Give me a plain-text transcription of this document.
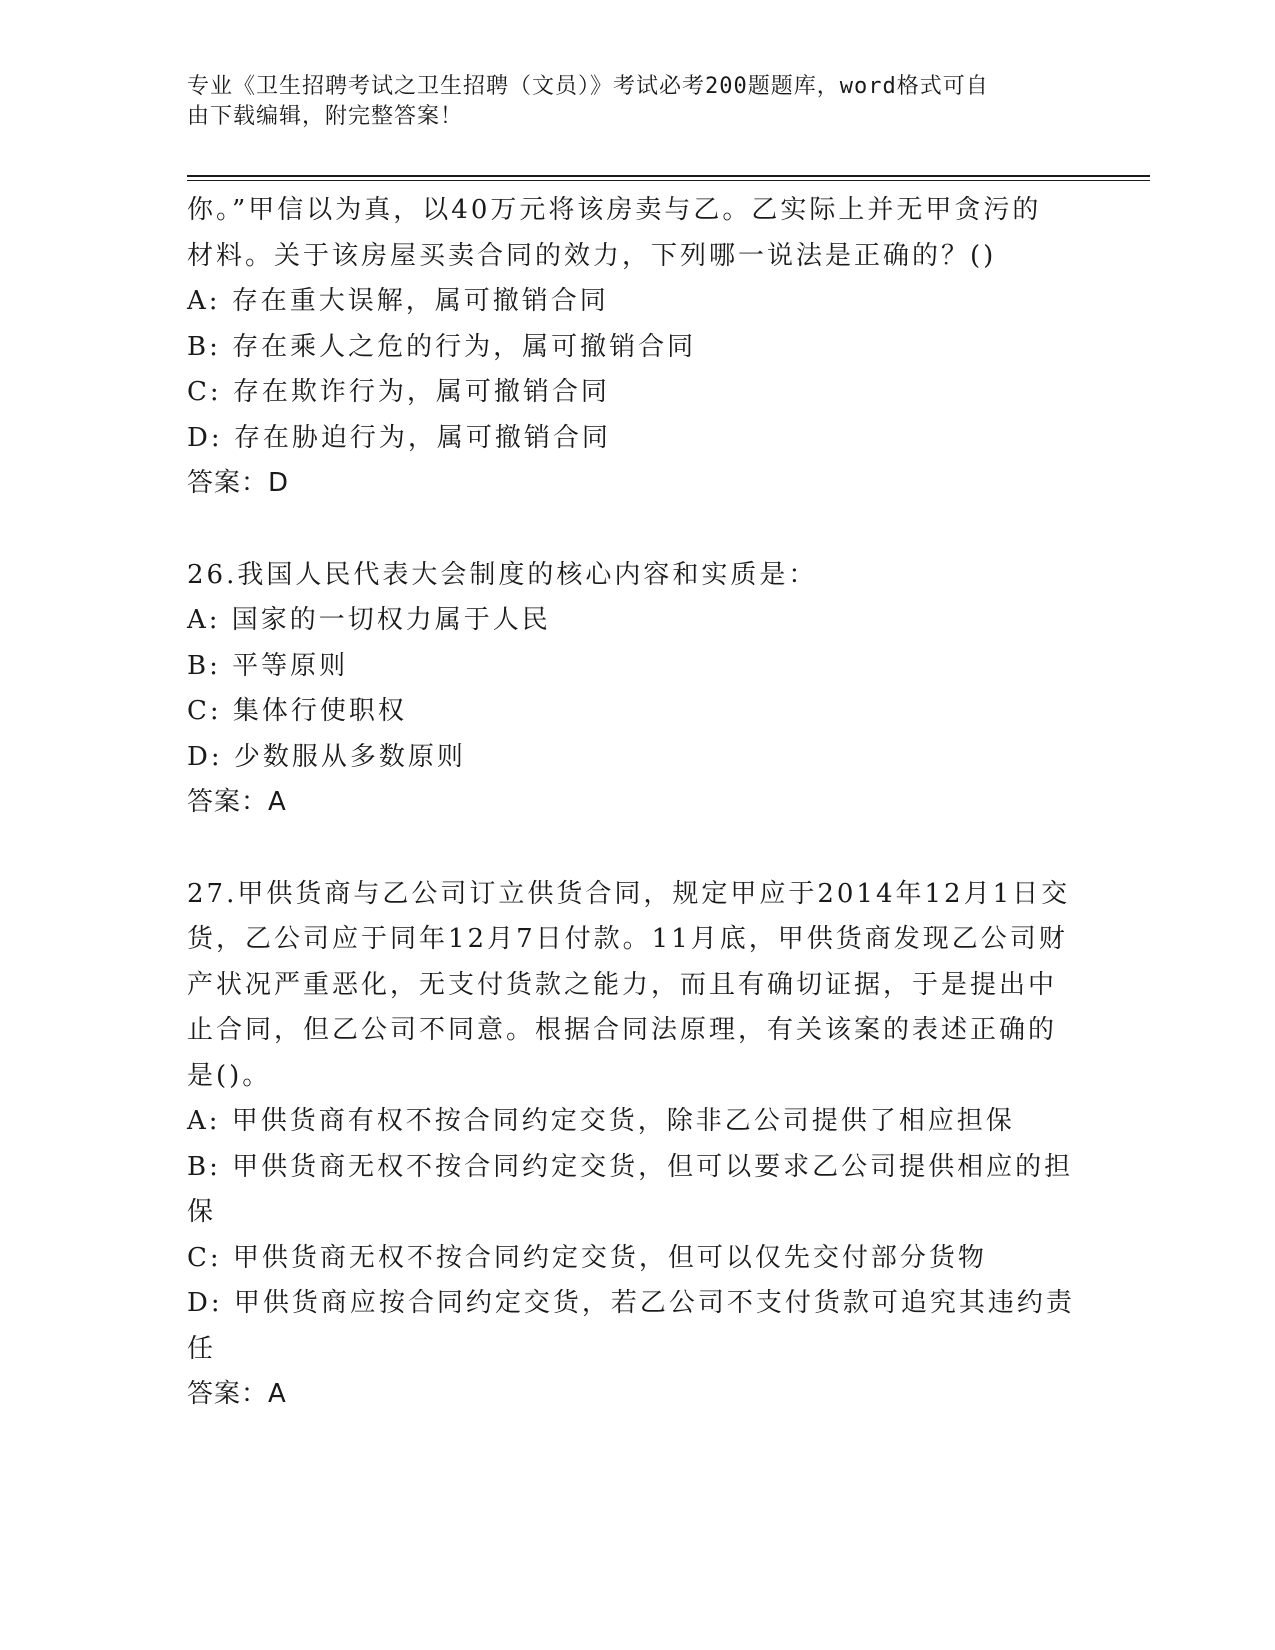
专业《卫生招聘考试之卫生招聘（文员）》考试必考200题题库，word格式可自
由下载编辑，附完整答案！

你。”甲信以为真，以40万元将该房卖与乙。乙实际上并无甲贪污的

材料。关于该房屋买卖合同的效力，下列哪一说法是正确的？()

A: 存在重大误解，属可撤销合同

B: 存在乘人之危的行为，属可撤销合同

C: 存在欺诈行为，属可撤销合同

D: 存在胁迫行为，属可撤销合同

答案：D

26.我国人民代表大会制度的核心内容和实质是：

A: 国家的一切权力属于人民

B: 平等原则

C: 集体行使职权

D: 少数服从多数原则

答案：A

27.甲供货商与乙公司订立供货合同，规定甲应于2014年12月1日交

货，乙公司应于同年12月7日付款。11月底，甲供货商发现乙公司财

产状况严重恶化，无支付货款之能力，而且有确切证据，于是提出中

止合同，但乙公司不同意。根据合同法原理，有关该案的表述正确的

是()。

A: 甲供货商有权不按合同约定交货，除非乙公司提供了相应担保

B: 甲供货商无权不按合同约定交货，但可以要求乙公司提供相应的担

保

C: 甲供货商无权不按合同约定交货，但可以仅先交付部分货物

D: 甲供货商应按合同约定交货，若乙公司不支付货款可追究其违约责

任

答案：A
